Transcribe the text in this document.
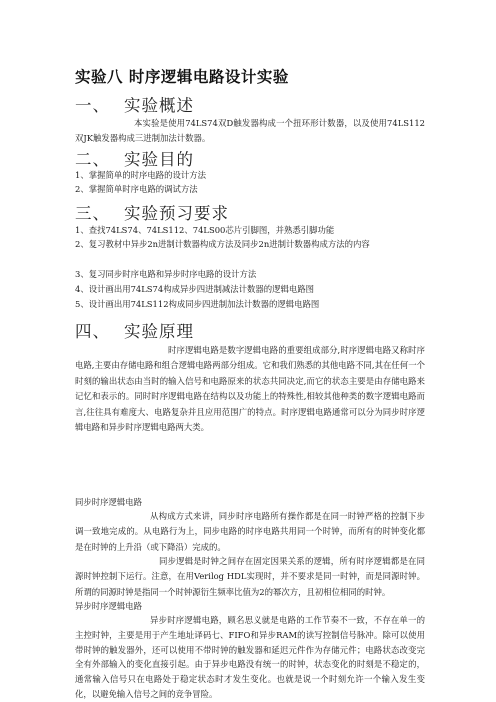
实验八 时序逻辑电路设计实验
一、 实验概述
本实验是使用74LS74双D触发器构成一个扭环形计数器，以及使用74LS112双JK触发器构成三进制加法计数器。
二、 实验目的
1、掌握简单的时序电路的设计方法
2、掌握简单时序电路的调试方法
三、 实验预习要求
1、查找74LS74、74LS112、74LS00芯片引脚图，并熟悉引脚功能
2、复习教材中异步2n进制计数器构成方法及同步2n进制计数器构成方法的内容
3、复习同步时序电路和异步时序电路的设计方法
4、设计画出用74LS74构成异步四进制减法计数器的逻辑电路图
5、设计画出用74LS112构成同步四进制加法计数器的逻辑电路图
四、 实验原理
时序逻辑电路是数字逻辑电路的重要组成部分,时序逻辑电路又称时序电路,主要由存储电路和组合逻辑电路两部分组成。它和我们熟悉的其他电路不同,其在任何一个时刻的输出状态由当时的输入信号和电路原来的状态共同决定,而它的状态主要是由存储电路来记忆和表示的。同时时序逻辑电路在结构以及功能上的特殊性,相较其他种类的数字逻辑电路而言,往往具有难度大、电路复杂并且应用范围广的特点。时序逻辑电路通常可以分为同步时序逻辑电路和异步时序逻辑电路两大类。
同步时序逻辑电路
从构成方式来讲，同步时序电路所有操作都是在同一时钟严格的控制下步调一致地完成的。从电路行为上，同步电路的时序电路共用同一个时钟，而所有的时钟变化都是在时钟的上升沿（或下降沿）完成的。
同步逻辑是时钟之间存在固定因果关系的逻辑，所有时序逻辑都是在同源时钟控制下运行。注意，在用Verilog HDL实现时，并不要求是同一时钟，而是同源时钟。所谓的同源时钟是指同一个时钟源衍生频率比值为2的幂次方，且初相位相同的时钟。
异步时序逻辑电路
异步时序逻辑电路，顾名思义就是电路的工作节奏不一致，不存在单一的主控时钟，主要是用于产生地址译码七、FIFO和异步RAM的读写控制信号脉冲。除可以使用带时钟的触发器外，还可以使用不带时钟的触发器和延迟元件作为存储元件；电路状态改变完全有外部输入的变化直接引起。由于异步电路没有统一的时钟，状态变化的时刻是不稳定的，通常输入信号只在电路处于稳定状态时才发生变化。也就是说一个时刻允许一个输入发生变化，以避免输入信号之间的竞争冒险。
